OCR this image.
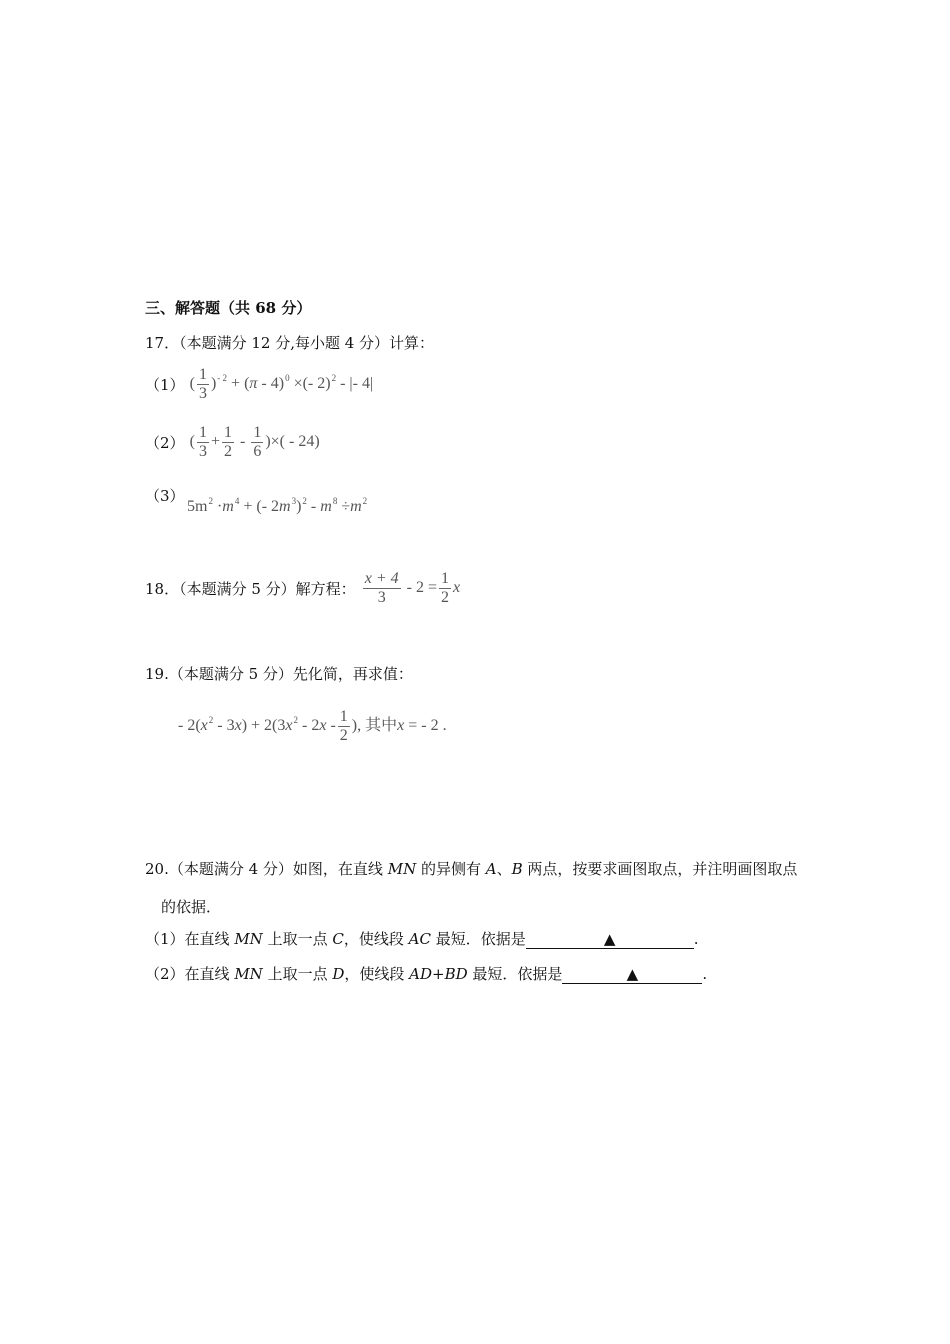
三、解答题（共 68 分）
17．（本题满分 12 分,每小题 4 分）计算：
（1） ( $\frac{1}{3} )^{- 2} + (\pi - 4)^0$ ×(- 2)$^2$ - |- 4|
（2） ( $\frac{1}{3} + \frac{1}{2} - \frac{1}{6}$ )×( - 24)
（3）
$5m^2 \cdot m^4$ + (- $2m^3)^2 - m^8 \div m^2$
18．（本题满分 5 分）解方程： $\frac{x + 4}{3} - 2 = \frac{1}{2}$ x
19.（本题满分 5 分）先化简，再求值：
- $2(x^2 - 3x) + 2(3x^2 - 2x - \frac{1}{2}$ ), 其中x = - 2 .
20.（本题满分 4 分）如图，在直线 MN 的异侧有 A、B 两点，按要求画图取点，并注明画图取点
的依据．
（1）在直线 MN 上取一点 C，使线段 AC 最短．依据是	▲	.
（2）在直线 MN 上取一点 D，使线段 AD+BD 最短．依据是	▲	.
